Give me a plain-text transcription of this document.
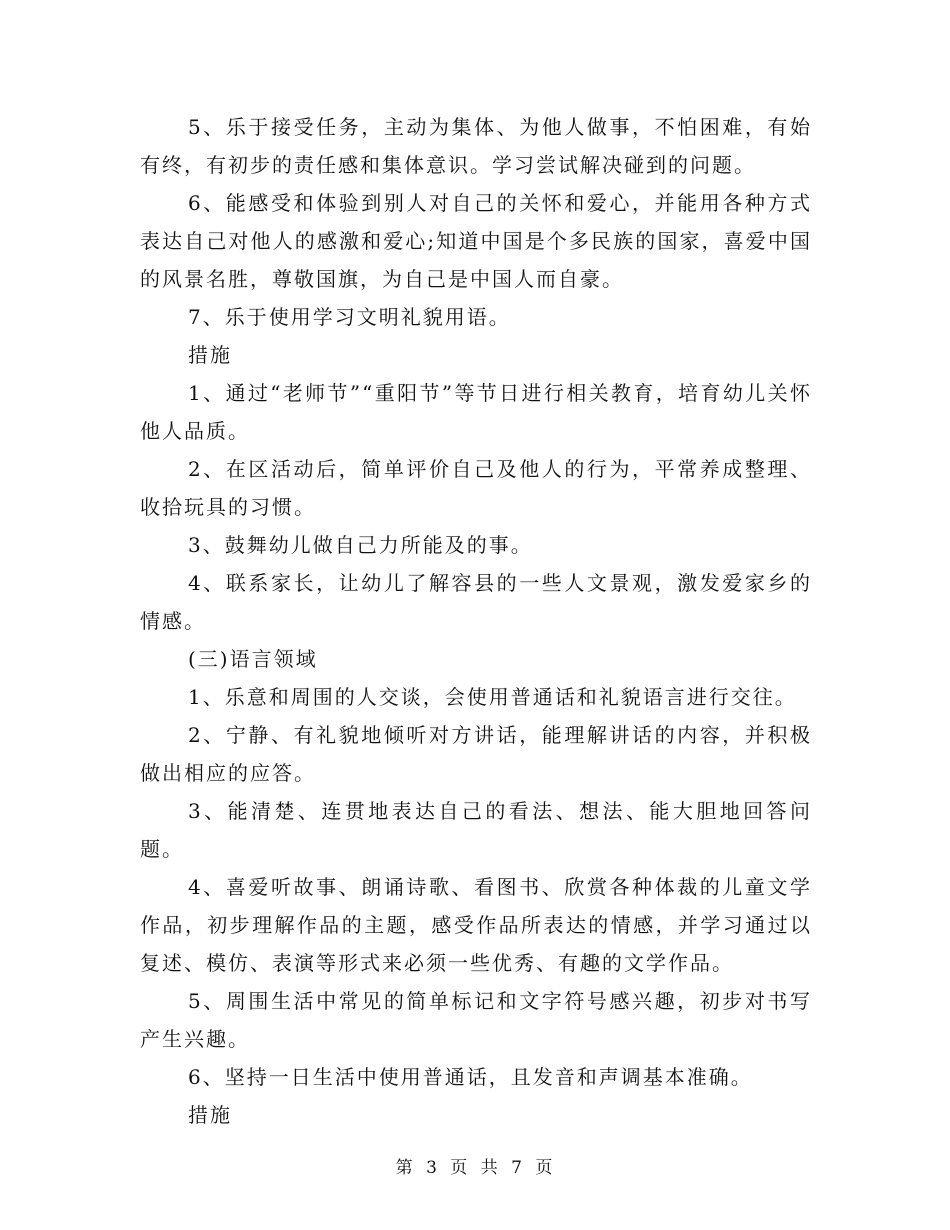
5、乐于接受任务，主动为集体、为他人做事，不怕困难，有始有终，有初步的责任感和集体意识。学习尝试解决碰到的问题。

6、能感受和体验到别人对自己的关怀和爱心，并能用各种方式表达自己对他人的感激和爱心;知道中国是个多民族的国家，喜爱中国的风景名胜，尊敬国旗，为自己是中国人而自豪。

7、乐于使用学习文明礼貌用语。

措施

1、通过“老师节”“重阳节”等节日进行相关教育，培育幼儿关怀他人品质。

2、在区活动后，简单评价自己及他人的行为，平常养成整理、收拾玩具的习惯。

3、鼓舞幼儿做自己力所能及的事。

4、联系家长，让幼儿了解容县的一些人文景观，激发爱家乡的情感。

(三)语言领域

1、乐意和周围的人交谈，会使用普通话和礼貌语言进行交往。

2、宁静、有礼貌地倾听对方讲话，能理解讲话的内容，并积极做出相应的应答。

3、能清楚、连贯地表达自己的看法、想法、能大胆地回答问题。

4、喜爱听故事、朗诵诗歌、看图书、欣赏各种体裁的儿童文学作品，初步理解作品的主题，感受作品所表达的情感，并学习通过以复述、模仿、表演等形式来必须一些优秀、有趣的文学作品。

5、周围生活中常见的简单标记和文字符号感兴趣，初步对书写产生兴趣。

6、坚持一日生活中使用普通话，且发音和声调基本准确。

措施

第 3 页 共 7 页
